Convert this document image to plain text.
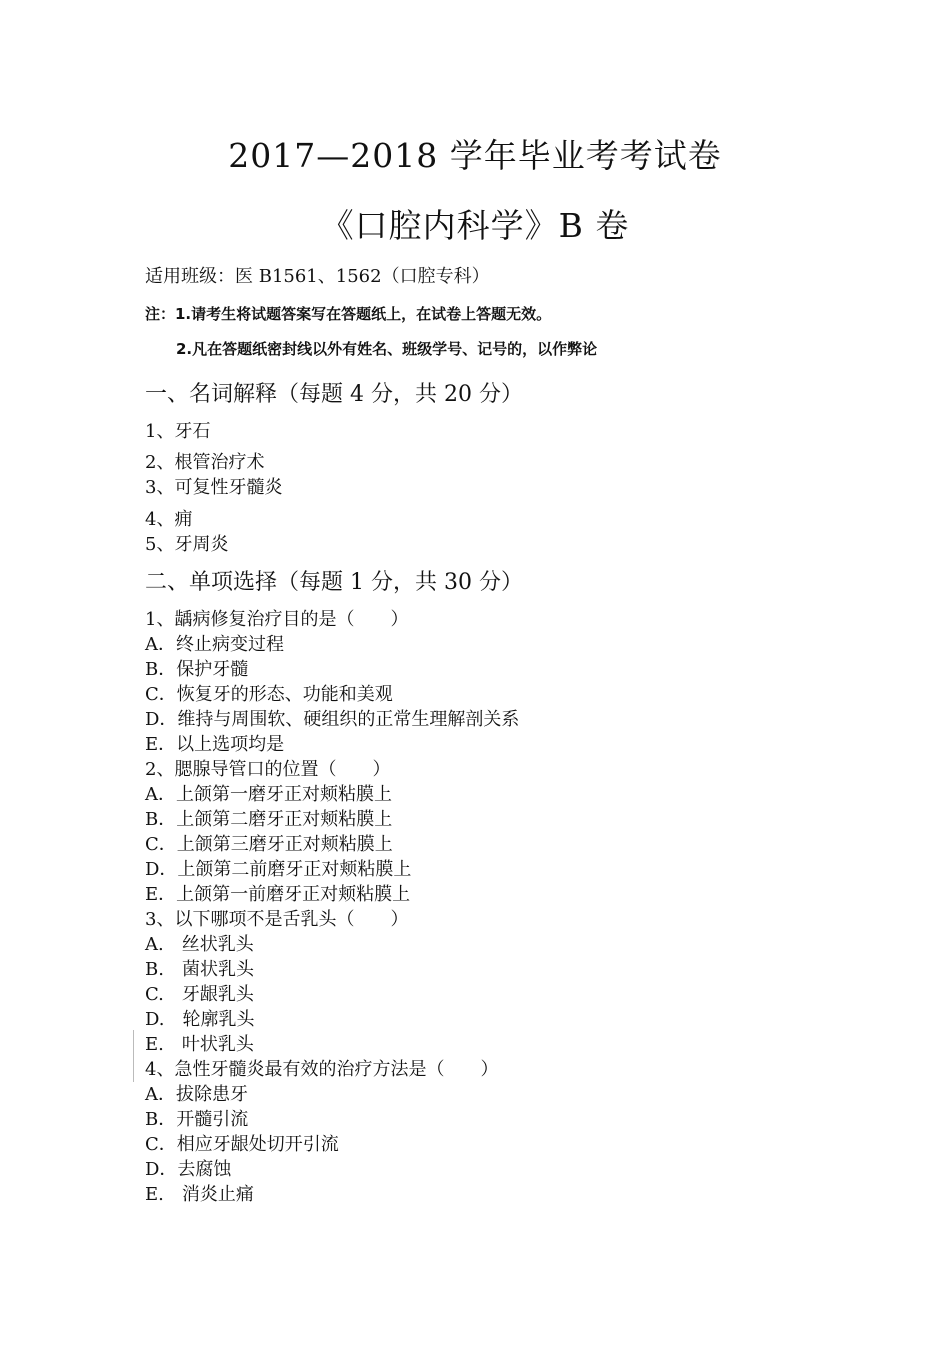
2017—2018 学年毕业考考试卷
《口腔内科学》B 卷
适用班级：医 B1561、1562（口腔专科）
注：1.请考生将试题答案写在答题纸上，在试卷上答题无效。
2.凡在答题纸密封线以外有姓名、班级学号、记号的，以作弊论
一、名词解释（每题 4 分，共 20 分）
1、牙石
2、根管治疗术
3、可复性牙髓炎
4、痈
5、牙周炎
二、单项选择（每题 1 分，共 30 分）
1、龋病修复治疗目的是（　　）
A．终止病变过程
B．保护牙髓
C．恢复牙的形态、功能和美观
D．维持与周围软、硬组织的正常生理解剖关系
E．以上选项均是
2、腮腺导管口的位置（　　）
A．上颌第一磨牙正对颊粘膜上
B．上颌第二磨牙正对颊粘膜上
C．上颌第三磨牙正对颊粘膜上
D．上颌第二前磨牙正对颊粘膜上
E．上颌第一前磨牙正对颊粘膜上
3、以下哪项不是舌乳头（　　）
A.　丝状乳头
B.　菌状乳头
C.　牙龈乳头
D.　轮廓乳头
E.　叶状乳头
4、急性牙髓炎最有效的治疗方法是（　　）
A．拔除患牙
B．开髓引流
C．相应牙龈处切开引流
D．去腐蚀
E.　消炎止痛
